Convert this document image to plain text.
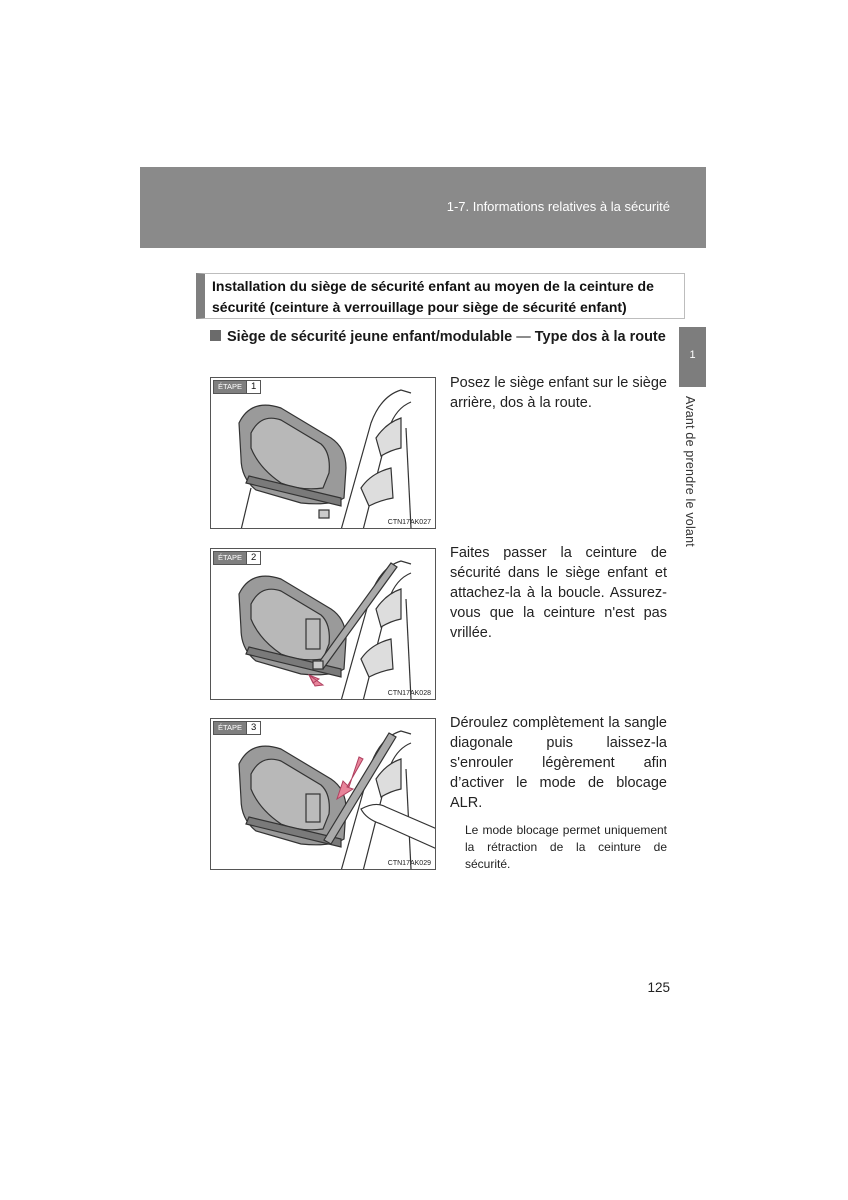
1-7. Informations relatives à la sécurité
1
Avant de prendre le volant
Installation du siège de sécurité enfant au moyen de la ceinture de sécurité (ceinture à verrouillage pour siège de sécurité enfant)
Siège de sécurité jeune enfant/modulable — Type dos à la route
ÉTAPE 1
CTN17AK027
Posez le siège enfant sur le siège arrière, dos à la route.
ÉTAPE 2
CTN17AK028
Faites passer la ceinture de sécurité dans le siège enfant et attachez-la à la boucle. Assurez-vous que la ceinture n'est pas vrillée.
ÉTAPE 3
CTN17AK029
Déroulez complètement la sangle diagonale puis laissez-la s'enrouler légèrement afin d’activer le mode de blocage ALR.
Le mode blocage permet uniquement la rétraction de la ceinture de sécurité.
125
